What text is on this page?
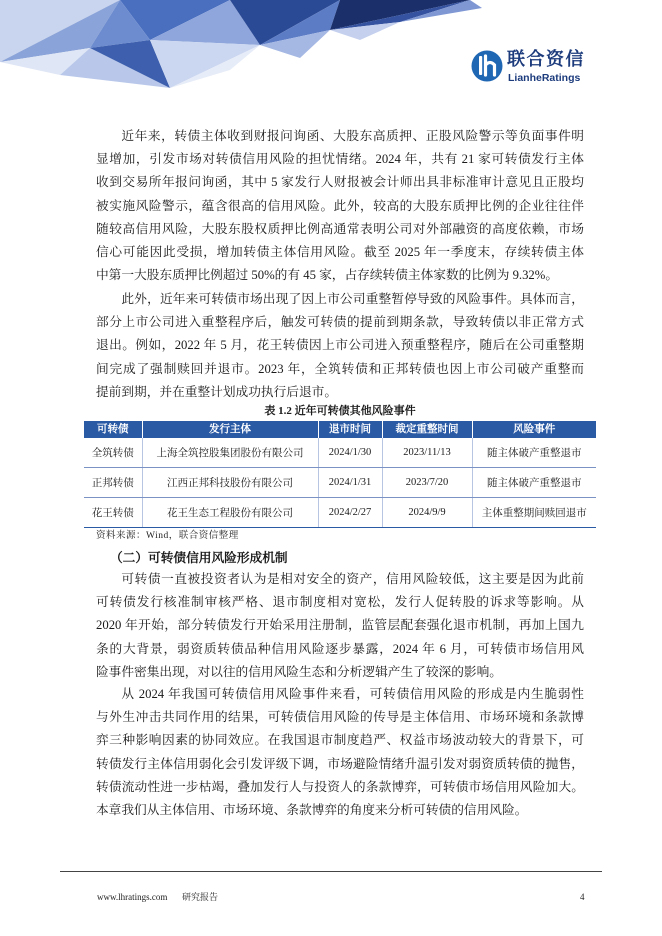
联合资信
LianheRatings
近年来，转债主体收到财报问询函、大股东高质押、正股风险警示等负面事件明
显增加，引发市场对转债信用风险的担忧情绪。2024 年，共有 21 家可转债发行主体
收到交易所年报问询函，其中 5 家发行人财报被会计师出具非标准审计意见且正股均
被实施风险警示，蕴含很高的信用风险。此外，较高的大股东质押比例的企业往往伴
随较高信用风险，大股东股权质押比例高通常表明公司对外部融资的高度依赖，市场
信心可能因此受损，增加转债主体信用风险。截至 2025 年一季度末，存续转债主体
中第一大股东质押比例超过 50%的有 45 家，占存续转债主体家数的比例为 9.32%。
此外，近年来可转债市场出现了因上市公司重整暂停导致的风险事件。具体而言，
部分上市公司进入重整程序后，触发可转债的提前到期条款，导致转债以非正常方式
退出。例如，2022 年 5 月，花王转债因上市公司进入预重整程序，随后在公司重整期
间完成了强制赎回并退市。2023 年，全筑转债和正邦转债也因上市公司破产重整而
提前到期，并在重整计划成功执行后退市。
表 1.2 近年可转债其他风险事件
可转债	发行主体	退市时间	裁定重整时间	风险事件
全筑转债	上海全筑控股集团股份有限公司	2024/1/30	2023/11/13	随主体破产重整退市
正邦转债	江西正邦科技股份有限公司	2024/1/31	2023/7/20	随主体破产重整退市
花王转债	花王生态工程股份有限公司	2024/2/27	2024/9/9	主体重整期间赎回退市
资料来源：Wind，联合资信整理
（二）可转债信用风险形成机制
可转债一直被投资者认为是相对安全的资产，信用风险较低，这主要是因为此前
可转债发行核准制审核严格、退市制度相对宽松，发行人促转股的诉求等影响。从
2020 年开始，部分转债发行开始采用注册制，监管层配套强化退市机制，再加上国九
条的大背景，弱资质转债品种信用风险逐步暴露，2024 年 6 月，可转债市场信用风
险事件密集出现，对以往的信用风险生态和分析逻辑产生了较深的影响。
从 2024 年我国可转债信用风险事件来看，可转债信用风险的形成是内生脆弱性
与外生冲击共同作用的结果，可转债信用风险的传导是主体信用、市场环境和条款博
弈三种影响因素的协同效应。在我国退市制度趋严、权益市场波动较大的背景下，可
转债发行主体信用弱化会引发评级下调，市场避险情绪升温引发对弱资质转债的抛售，
转债流动性进一步枯竭，叠加发行人与投资人的条款博弈，可转债市场信用风险加大。
本章我们从主体信用、市场环境、条款博弈的角度来分析可转债的信用风险。
www.lhratings.com 研究报告	4
